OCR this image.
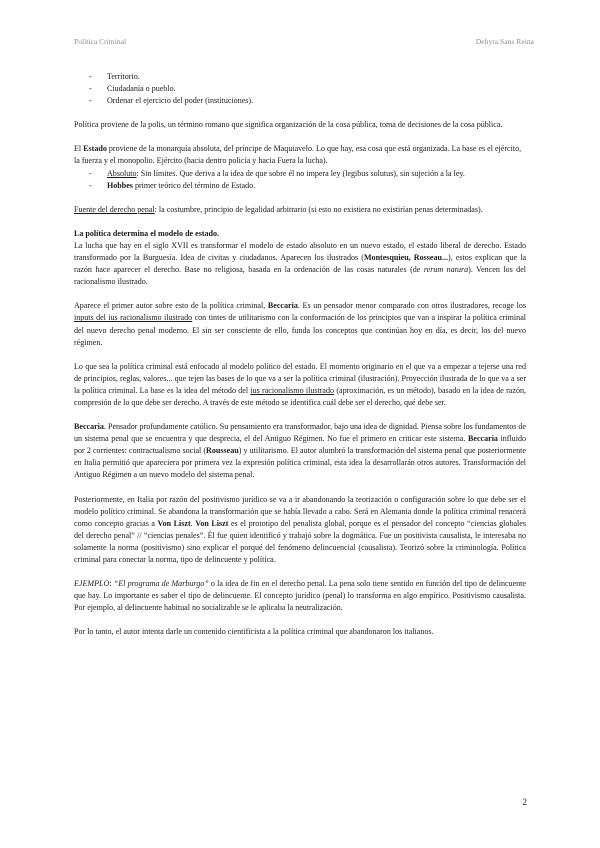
Política Criminal	Dehyra Sans Reina
- Territorio.
- Ciudadanía o pueblo.
- Ordenar el ejercicio del poder (instituciones).

Política proviene de la polis, un término romano que significa organización de la cosa pública, toma de decisiones de la cosa pública.

El Estado proviene de la monarquía absoluta, del príncipe de Maquiavelo. Lo que hay, esa cosa que está organizada. La base es el ejército, la fuerza y el monopolio. Ejército (hacia dentro policía y hacia Fuera la lucha).

- Absoluto: Sin límites. Que deriva a la idea de que sobre él no impera ley (legibus solutus), sin sujeción a la ley.
- Hobbes primer teórico del término de Estado.

Fuente del derecho penal: la costumbre, principio de legalidad arbitrario (si esto no existiera no existirían penas determinadas).

La política determina el modelo de estado.

La lucha que hay en el siglo XVII es transformar el modelo de estado absoluto en un nuevo estado, el estado liberal de derecho. Estado transformado por la Burguesía. Idea de civitas y ciudadanos. Aparecen los ilustrados (Montesquieu, Rosseau...), estos explican que la razón hace aparecer el derecho. Base no religiosa, basada en la ordenación de las cosas naturales (de rerum natura). Vencen los del racionalismo ilustrado.

Aparece el primer autor sobre esto de la política criminal, Beccaria. Es un pensador menor comparado con otros ilustradores, recoge los inputs del ius racionalismo ilustrado con tintes de utilitarismo con la conformación de los principios que van a inspirar la política criminal del nuevo derecho penal moderno. El sin ser consciente de ello, funda los conceptos que continúan hoy en día, es decir, los del nuevo régimen.

Lo que sea la política criminal está enfocado al modelo político del estado. El momento originario en el que va a empezar a tejerse una red de principios, reglas, valores... que tejen las bases de lo que va a ser la política criminal (ilustración). Proyección ilustrada de lo que va a ser la política criminal. La base es la idea del método del ius racionalismo ilustrado (aproximación, es un método), basado en la idea de razón, compresión de lo que debe ser derecho. A través de este método se identifica cuál debe ser el derecho, qué debe ser.

Beccaria. Pensador profundamente católico. Su pensamiento era transformador, bajo una idea de dignidad. Piensa sobre los fundamentos de un sistema penal que se encuentra y que desprecia, el del Antiguo Régimen. No fue el primero en criticar este sistema. Beccaria influido por 2 corrientes: contractualismo social (Rousseau) y utilitarismo. El autor alumbró la transformación del sistema penal que posteriormente en Italia permitió que apareciera por primera vez la expresión política criminal, esta idea la desarrollarán otros autores. Transformación del Antiguo Régimen a un nuevo modelo del sistema penal.

Posteriormente, en Italia por razón del positivismo jurídico se va a ir abandonando la teorización o configuración sobre lo que debe ser el modelo político criminal. Se abandona la transformación que se había llevado a cabo. Será en Alemania donde la política criminal renacerá como concepto gracias a Von Liszt. Von Liszt es el prototipo del penalista global, porque es el pensador del concepto “ciencias globales del derecho penal” // “ciencias penales”. Él fue quien identificó y trabajó sobre la dogmática. Fue un positivista causalista, le interesaba no solamente la norma (positivismo) sino explicar el porqué del fenómeno delincuencial (causalista). Teorizó sobre la criminología. Política criminal para conectar la norma, tipo de delincuente y política.

EJEMPLO: “El programa de Marburgo” o la idea de fin en el derecho penal. La pena solo tiene sentido en función del tipo de delincuente que hay. Lo importante es saber el tipo de delincuente. El concepto jurídico (penal) lo transforma en algo empírico. Positivismo causalista. Por ejemplo, al delincuente habitual no socializable se le aplicaba la neutralización.

Por lo tanto, el autor intenta darle un contenido cientificista a la política criminal que abandonaron los italianos.

2
